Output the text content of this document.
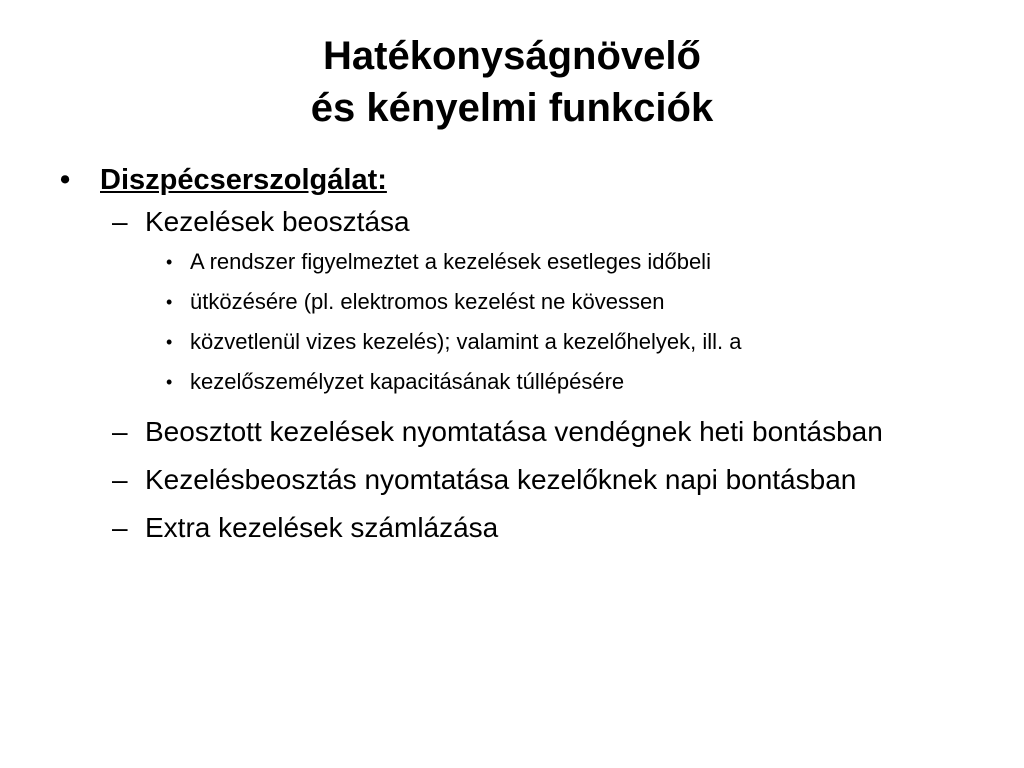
Hatékonyságnövelő
és kényelmi funkciók
• Diszpécserszolgálat:
– Kezelések beosztása
• A rendszer figyelmeztet a kezelések esetleges időbeli
• ütközésére (pl. elektromos kezelést ne kövessen
• közvetlenül vizes kezelés); valamint a kezelőhelyek, ill. a
• kezelőszemélyzet kapacitásának túllépésére
– Beosztott kezelések nyomtatása vendégnek heti bontásban
– Kezelésbeosztás nyomtatása kezelőknek napi bontásban
– Extra kezelések számlázása
